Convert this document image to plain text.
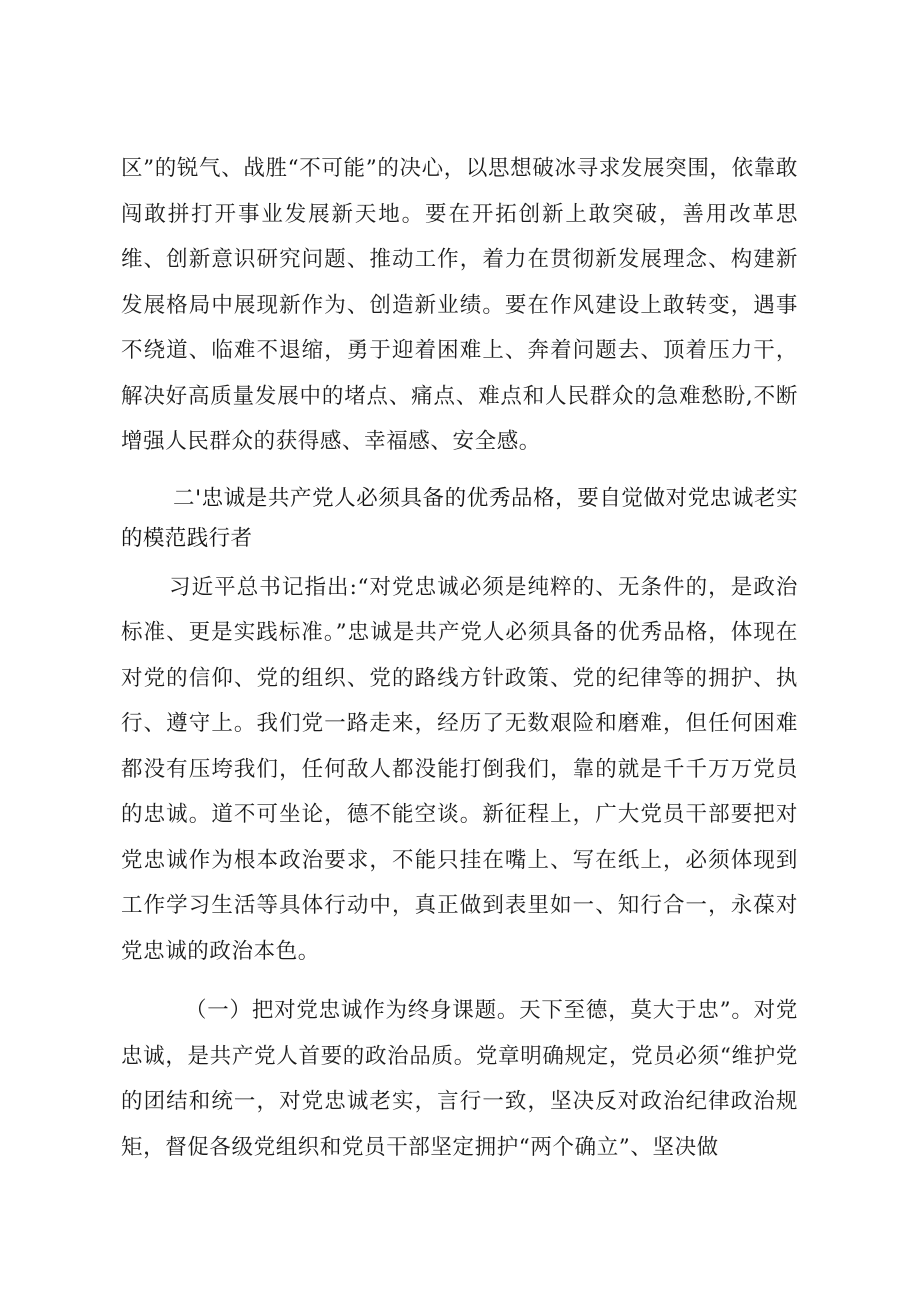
区”的锐气、战胜“不可能”的决心，以思想破冰寻求发展突围，依靠敢闯敢拼打开事业发展新天地。要在开拓创新上敢突破，善用改革思维、创新意识研究问题、推动工作，着力在贯彻新发展理念、构建新发展格局中展现新作为、创造新业绩。要在作风建设上敢转变，遇事不绕道、临难不退缩，勇于迎着困难上、奔着问题去、顶着压力干，解决好高质量发展中的堵点、痛点、难点和人民群众的急难愁盼,不断增强人民群众的获得感、幸福感、安全感。

二'忠诚是共产党人必须具备的优秀品格，要自觉做对党忠诚老实的模范践行者

习近平总书记指出:“对党忠诚必须是纯粹的、无条件的，是政治标准、更是实践标准。”忠诚是共产党人必须具备的优秀品格，体现在对党的信仰、党的组织、党的路线方针政策、党的纪律等的拥护、执行、遵守上。我们党一路走来，经历了无数艰险和磨难，但任何困难都没有压垮我们，任何敌人都没能打倒我们，靠的就是千千万万党员的忠诚。道不可坐论，德不能空谈。新征程上，广大党员干部要把对党忠诚作为根本政治要求，不能只挂在嘴上、写在纸上，必须体现到工作学习生活等具体行动中，真正做到表里如一、知行合一，永葆对党忠诚的政治本色。

（一）把对党忠诚作为终身课题。天下至德，莫大于忠”。对党忠诚，是共产党人首要的政治品质。党章明确规定，党员必须“维护党的团结和统一，对党忠诚老实，言行一致，坚决反对政治纪律政治规矩，督促各级党组织和党员干部坚定拥护“两个确立”、坚决做
